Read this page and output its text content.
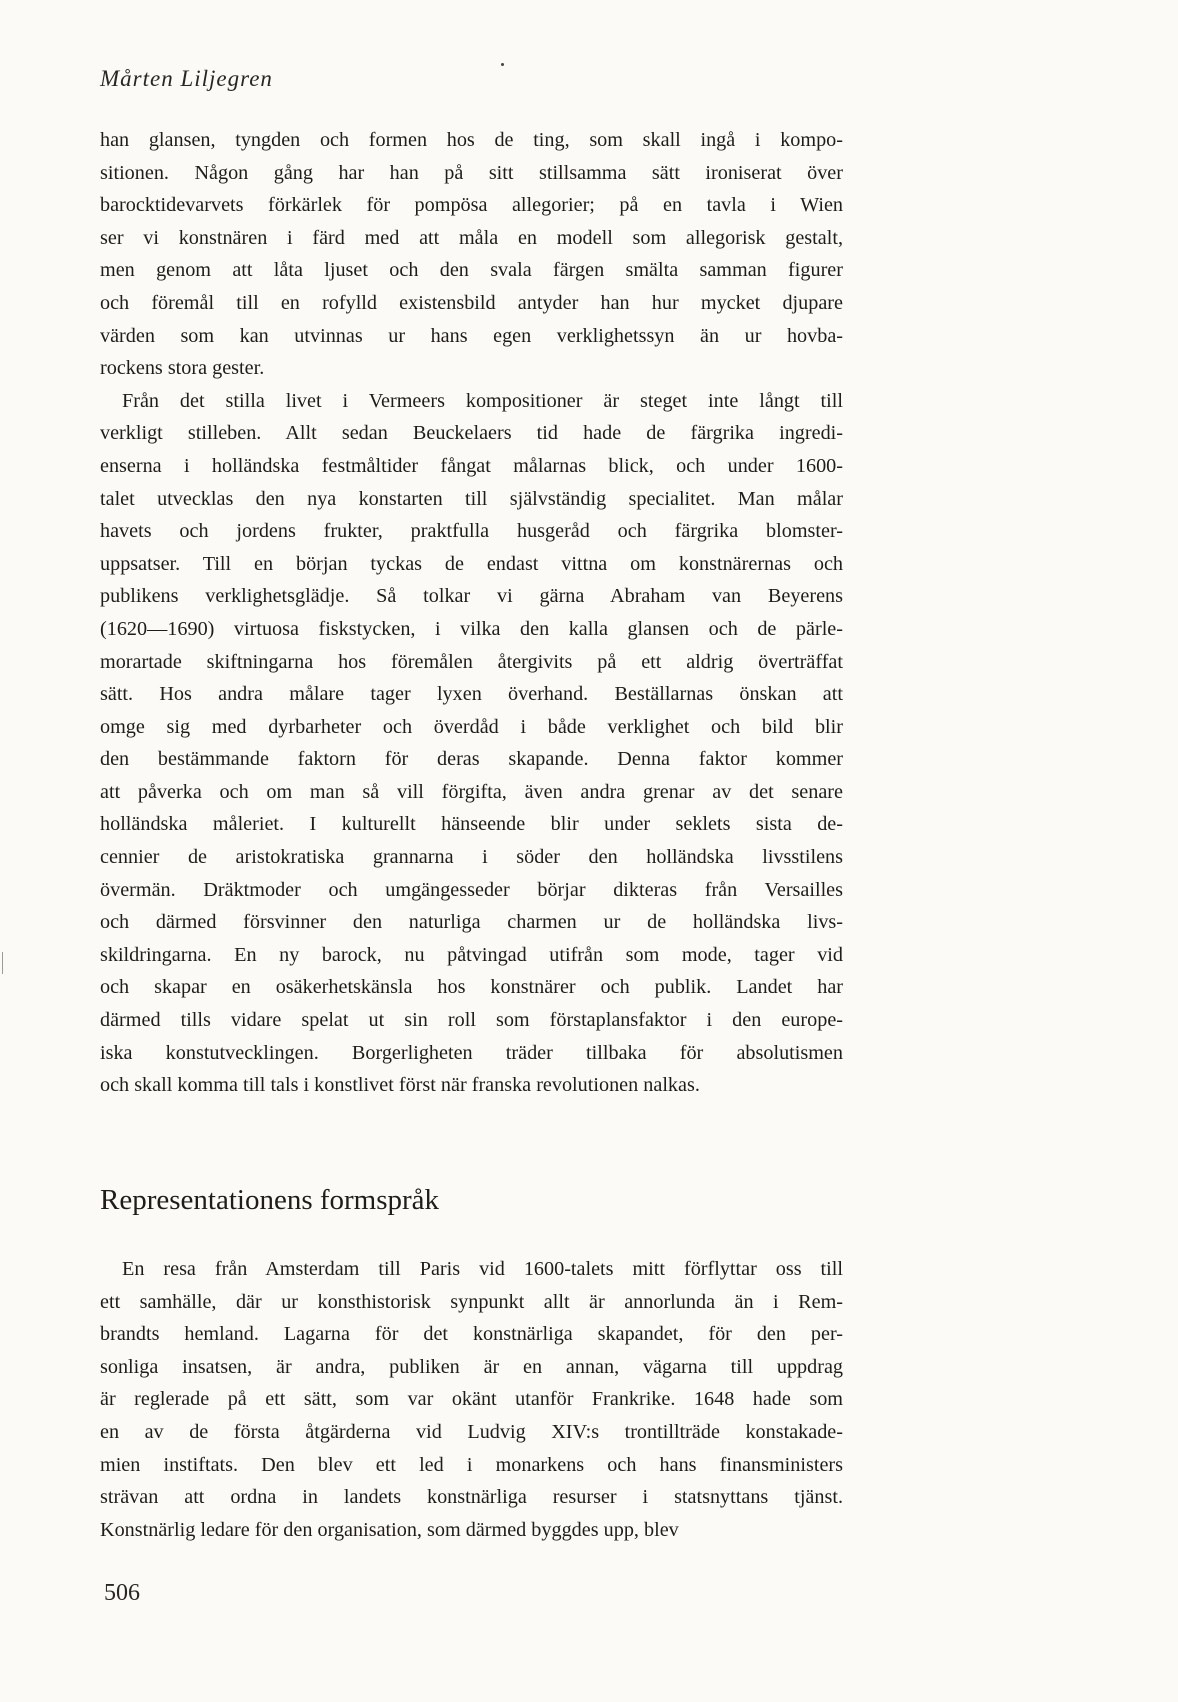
Mårten Liljegren

han glansen, tyngden och formen hos de ting, som skall ingå i kompo-
sitionen. Någon gång har han på sitt stillsamma sätt ironiserat över
barocktidevarvets förkärlek för pompösa allegorier; på en tavla i Wien
ser vi konstnären i färd med att måla en modell som allegorisk gestalt,
men genom att låta ljuset och den svala färgen smälta samman figurer
och föremål till en rofylld existensbild antyder han hur mycket djupare
värden som kan utvinnas ur hans egen verklighetssyn än ur hovba-
rockens stora gester.

Från det stilla livet i Vermeers kompositioner är steget inte långt till
verkligt stilleben. Allt sedan Beuckelaers tid hade de färgrika ingredi-
enserna i holländska festmåltider fångat målarnas blick, och under 1600-
talet utvecklas den nya konstarten till självständig specialitet. Man målar
havets och jordens frukter, praktfulla husgeråd och färgrika blomster-
uppsatser. Till en början tyckas de endast vittna om konstnärernas och
publikens verklighetsglädje. Så tolkar vi gärna Abraham van Beyerens
(1620—1690) virtuosa fiskstycken, i vilka den kalla glansen och de pärle-
morartade skiftningarna hos föremålen återgivits på ett aldrig överträffat
sätt. Hos andra målare tager lyxen överhand. Beställarnas önskan att
omge sig med dyrbarheter och överdåd i både verklighet och bild blir
den bestämmande faktorn för deras skapande. Denna faktor kommer
att påverka och om man så vill förgifta, även andra grenar av det senare
holländska måleriet. I kulturellt hänseende blir under seklets sista de-
cennier de aristokratiska grannarna i söder den holländska livsstilens
övermän. Dräktmoder och umgängesseder börjar dikteras från Versailles
och därmed försvinner den naturliga charmen ur de holländska livs-
skildringarna. En ny barock, nu påtvingad utifrån som mode, tager vid
och skapar en osäkerhetskänsla hos konstnärer och publik. Landet har
därmed tills vidare spelat ut sin roll som förstaplansfaktor i den europe-
iska konstutvecklingen. Borgerligheten träder tillbaka för absolutismen
och skall komma till tals i konstlivet först när franska revolutionen nalkas.

Representationens formspråk

En resa från Amsterdam till Paris vid 1600-talets mitt förflyttar oss till
ett samhälle, där ur konsthistorisk synpunkt allt är annorlunda än i Rem-
brandts hemland. Lagarna för det konstnärliga skapandet, för den per-
sonliga insatsen, är andra, publiken är en annan, vägarna till uppdrag
är reglerade på ett sätt, som var okänt utanför Frankrike. 1648 hade som
en av de första åtgärderna vid Ludvig XIV:s trontillträde konstakade-
mien instiftats. Den blev ett led i monarkens och hans finansministers
strävan att ordna in landets konstnärliga resurser i statsnyttans tjänst.
Konstnärlig ledare för den organisation, som därmed byggdes upp, blev

506
